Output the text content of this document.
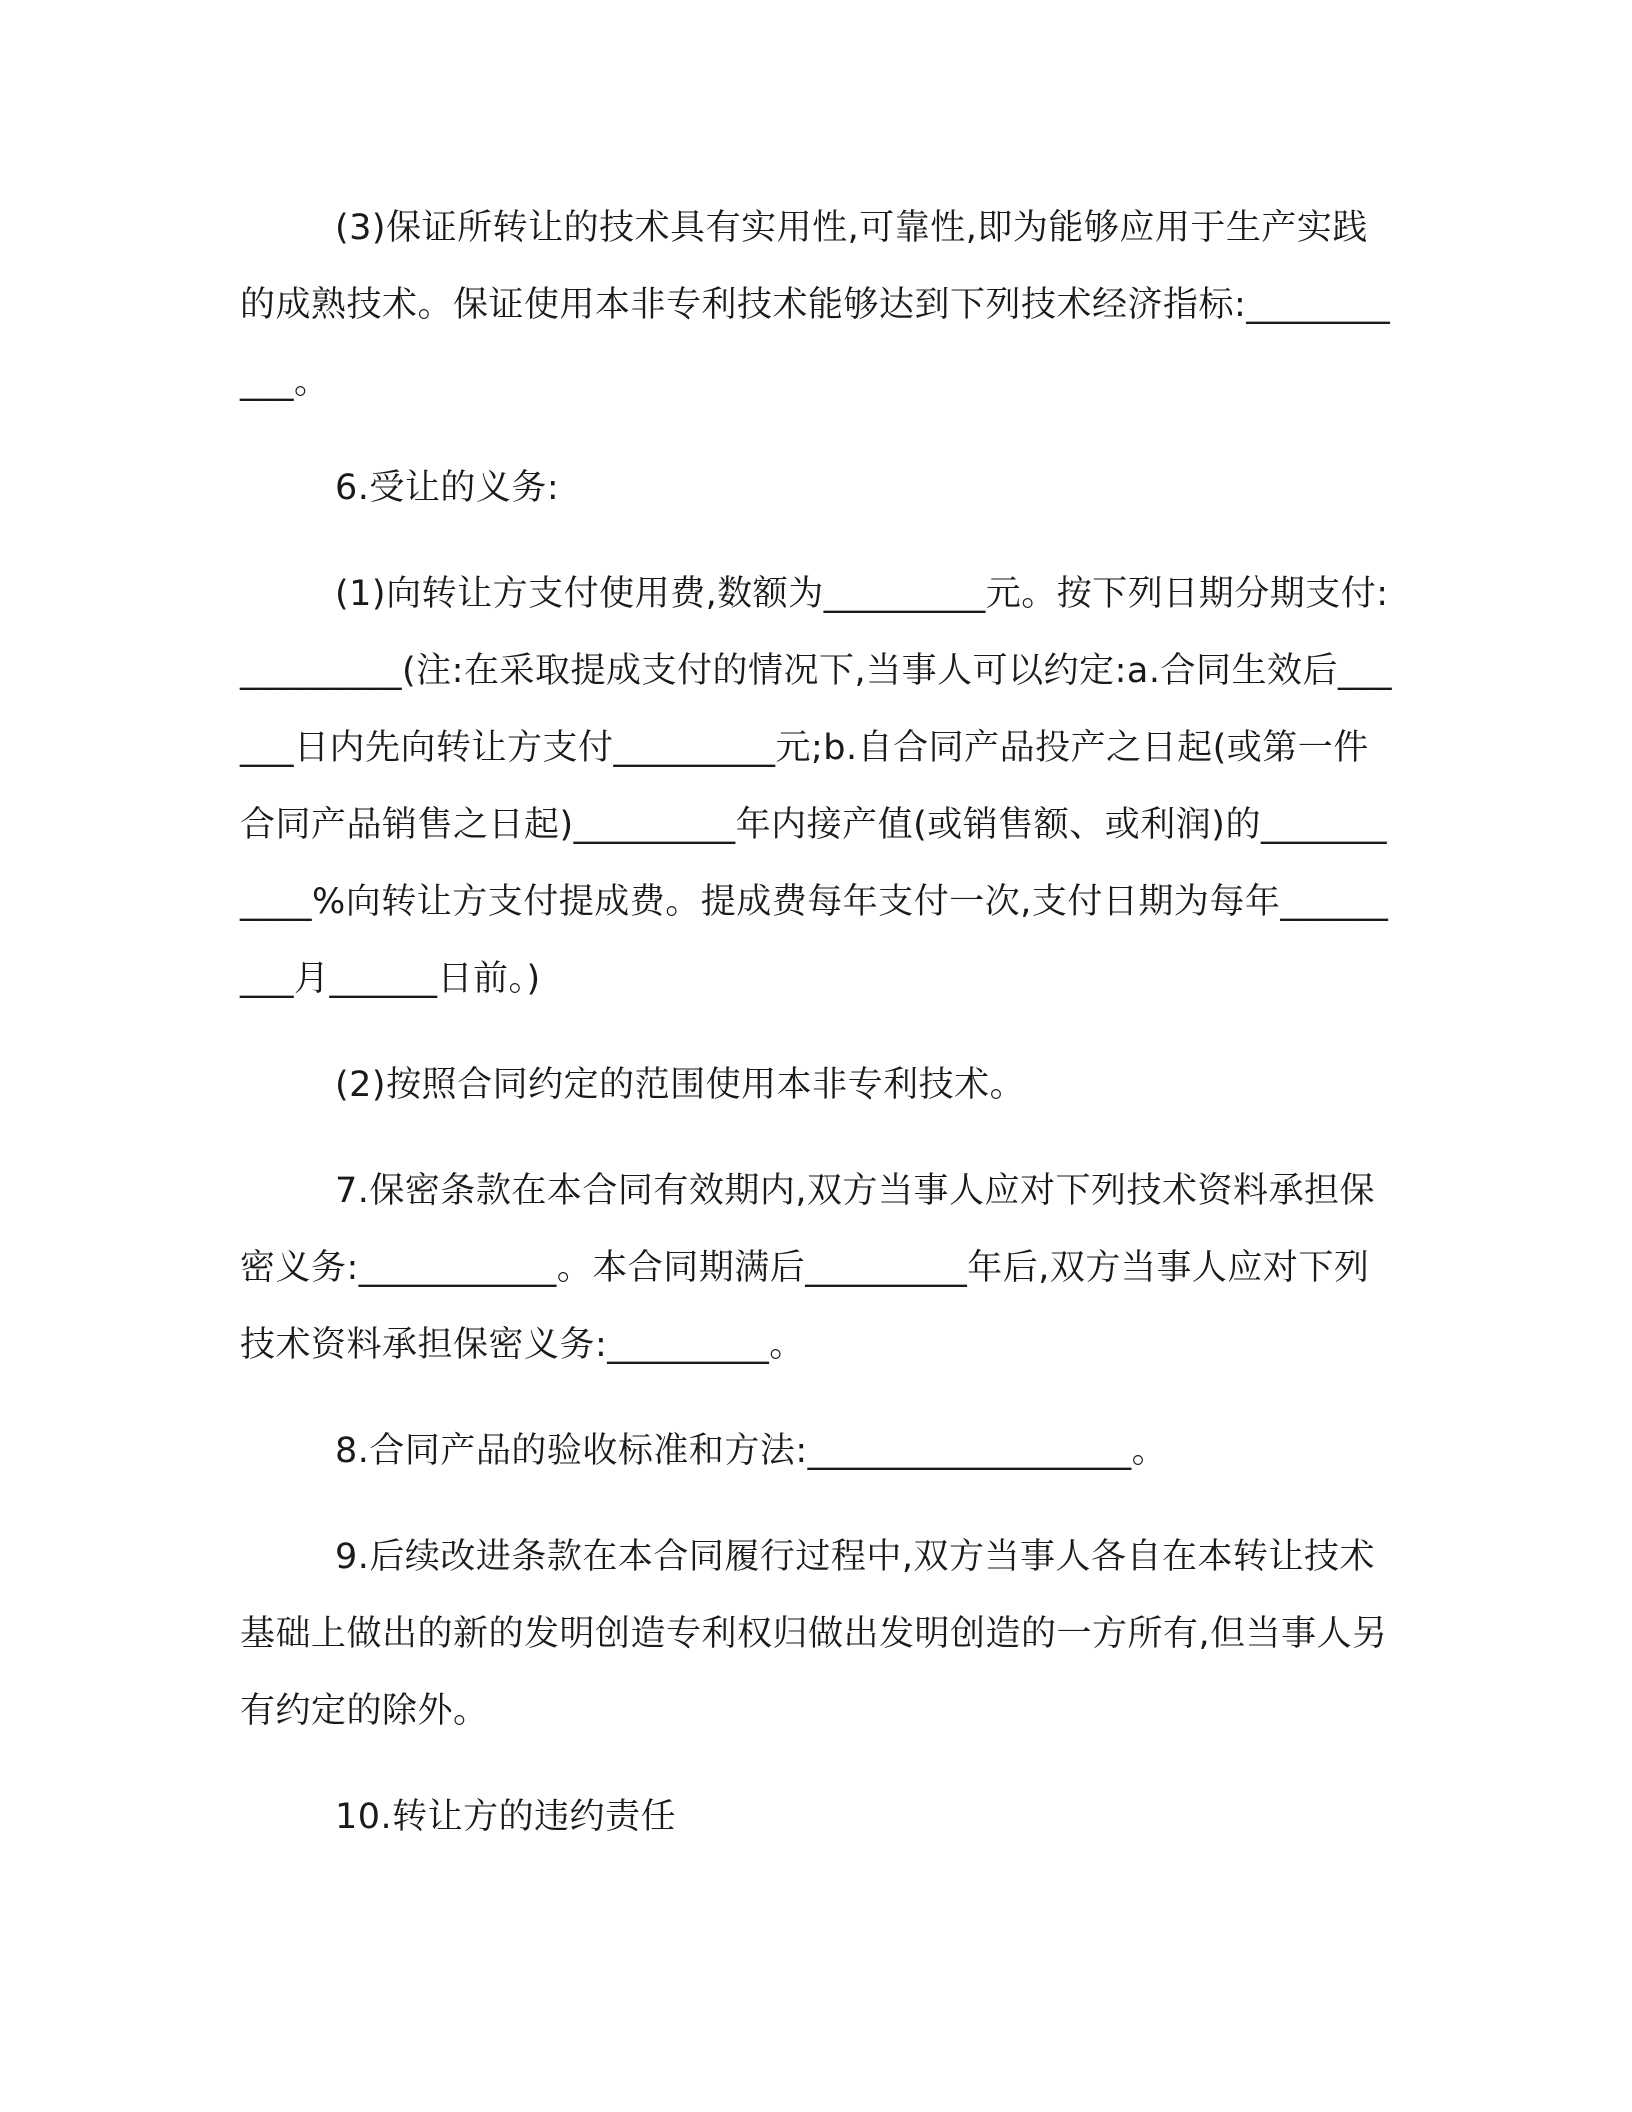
(3)保证所转让的技术具有实用性,可靠性,即为能够应用于生产实践的成熟技术。保证使用本非专利技术能够达到下列技术经济指标:___________。

6.受让的义务:

(1)向转让方支付使用费,数额为_________元。按下列日期分期支付:_________(注:在采取提成支付的情况下,当事人可以约定:a.合同生效后______日内先向转让方支付_________元;b.自合同产品投产之日起(或第一件合同产品销售之日起)_________年内接产值(或销售额、或利润)的___________%向转让方支付提成费。提成费每年支付一次,支付日期为每年_________月______日前。)

(2)按照合同约定的范围使用本非专利技术。

7.保密条款在本合同有效期内,双方当事人应对下列技术资料承担保密义务:___________。本合同期满后_________年后,双方当事人应对下列技术资料承担保密义务:_________。

8.合同产品的验收标准和方法:__________________。

9.后续改进条款在本合同履行过程中,双方当事人各自在本转让技术基础上做出的新的发明创造专利权归做出发明创造的一方所有,但当事人另有约定的除外。

10.转让方的违约责任
